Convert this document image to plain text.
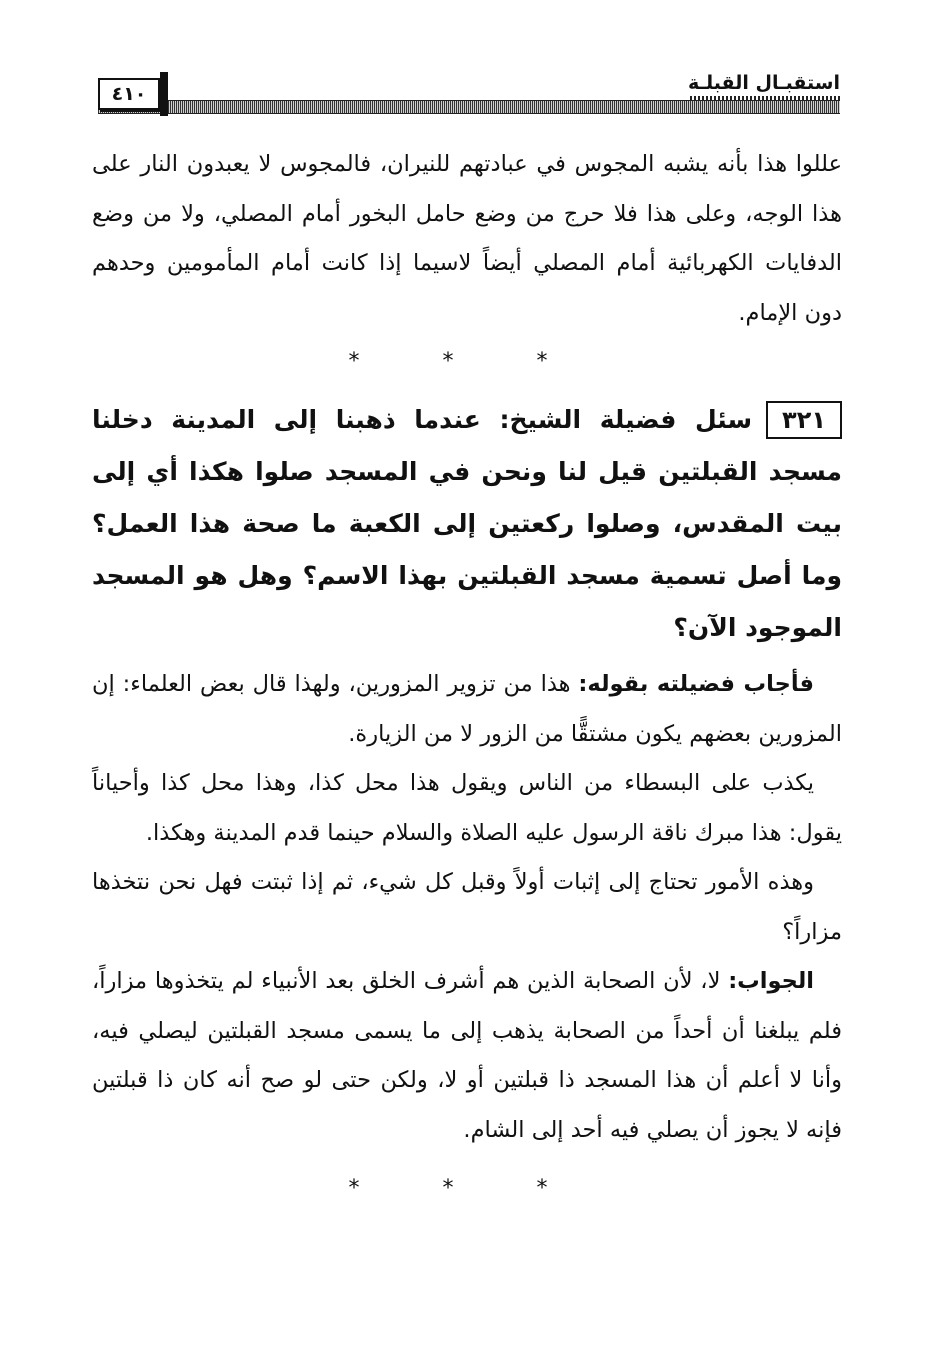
استقبـال القبلـة
٤١٠

عللوا هذا بأنه يشبه المجوس في عبادتهم للنيران، فالمجوس لا يعبدون النار على هذا الوجه، وعلى هذا فلا حرج من وضع حامل البخور أمام المصلي، ولا من وضع الدفايات الكهربائية أمام المصلي أيضاً لاسيما إذا كانت أمام المأمومين وحدهم دون الإمام.

* * *
٣٢١سئل فضيلة الشيخ: عندما ذهبنا إلى المدينة دخلنا مسجد القبلتين قيل لنا ونحن في المسجد صلوا هكذا أي إلى بيت المقدس، وصلوا ركعتين إلى الكعبة ما صحة هذا العمل؟ وما أصل تسمية مسجد القبلتين بهذا الاسم؟ وهل هو المسجد الموجود الآن؟

فأجاب فضيلته بقوله: هذا من تزوير المزورين، ولهذا قال بعض العلماء: إن المزورين بعضهم يكون مشتقًّا من الزور لا من الزيارة.

يكذب على البسطاء من الناس ويقول هذا محل كذا، وهذا محل كذا وأحياناً يقول: هذا مبرك ناقة الرسول عليه الصلاة والسلام حينما قدم المدينة وهكذا.

وهذه الأمور تحتاج إلى إثبات أولاً وقبل كل شيء، ثم إذا ثبتت فهل نحن نتخذها مزاراً؟

الجواب: لا، لأن الصحابة الذين هم أشرف الخلق بعد الأنبياء لم يتخذوها مزاراً، فلم يبلغنا أن أحداً من الصحابة يذهب إلى ما يسمى مسجد القبلتين ليصلي فيه، وأنا لا أعلم أن هذا المسجد ذا قبلتين أو لا، ولكن حتى لو صح أنه كان ذا قبلتين فإنه لا يجوز أن يصلي فيه أحد إلى الشام.

* * *
